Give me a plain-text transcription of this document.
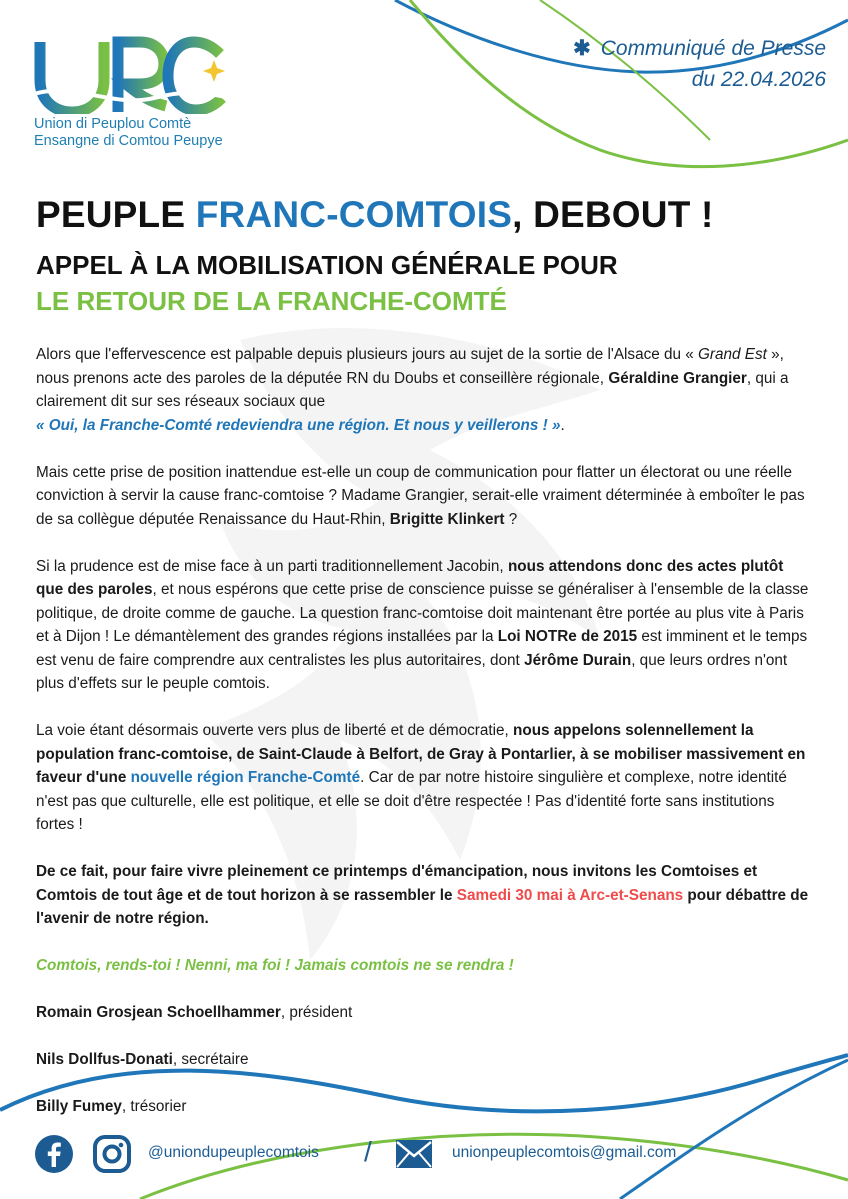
Union di Peuplou Comtè
Ensangne di Comtou Peupye
✱ Communiqué de Presse
du 22.04.2026
PEUPLE FRANC-COMTOIS, DEBOUT !
APPEL À LA MOBILISATION GÉNÉRALE POUR
LE RETOUR DE LA FRANCHE-COMTÉ

Alors que l'effervescence est palpable depuis plusieurs jours au sujet de la sortie de l'Alsace du « Grand Est », nous prenons acte des paroles de la députée RN du Doubs et conseillère régionale, Géraldine Grangier, qui a clairement dit sur ses réseaux sociaux que
« Oui, la Franche-Comté redeviendra une région. Et nous y veillerons ! ».

Mais cette prise de position inattendue est-elle un coup de communication pour flatter un électorat ou une réelle conviction à servir la cause franc-comtoise ? Madame Grangier, serait-elle vraiment déterminée à emboîter le pas de sa collègue députée Renaissance du Haut-Rhin, Brigitte Klinkert ?

Si la prudence est de mise face à un parti traditionnellement Jacobin, nous attendons donc des actes plutôt que des paroles, et nous espérons que cette prise de conscience puisse se généraliser à l'ensemble de la classe politique, de droite comme de gauche. La question franc-comtoise doit maintenant être portée au plus vite à Paris et à Dijon ! Le démantèlement des grandes régions installées par la Loi NOTRe de 2015 est imminent et le temps est venu de faire comprendre aux centralistes les plus autoritaires, dont Jérôme Durain, que leurs ordres n'ont plus d'effets sur le peuple comtois.

La voie étant désormais ouverte vers plus de liberté et de démocratie, nous appelons solennellement la population franc-comtoise, de Saint-Claude à Belfort, de Gray à Pontarlier, à se mobiliser massivement en faveur d'une nouvelle région Franche-Comté. Car de par notre histoire singulière et complexe, notre identité n'est pas que culturelle, elle est politique, et elle se doit d'être respectée ! Pas d'identité forte sans institutions fortes !

De ce fait, pour faire vivre pleinement ce printemps d'émancipation, nous invitons les Comtoises et Comtois de tout âge et de tout horizon à se rassembler le Samedi 30 mai à Arc-et-Senans pour débattre de l'avenir de notre région.

Comtois, rends-toi ! Nenni, ma foi ! Jamais comtois ne se rendra !

Romain Grosjean Schoellhammer, président

Nils Dollfus-Donati, secrétaire

Billy Fumey, trésorier

@uniondupeuplecomtois /	unionpeuplecomtois@gmail.com
